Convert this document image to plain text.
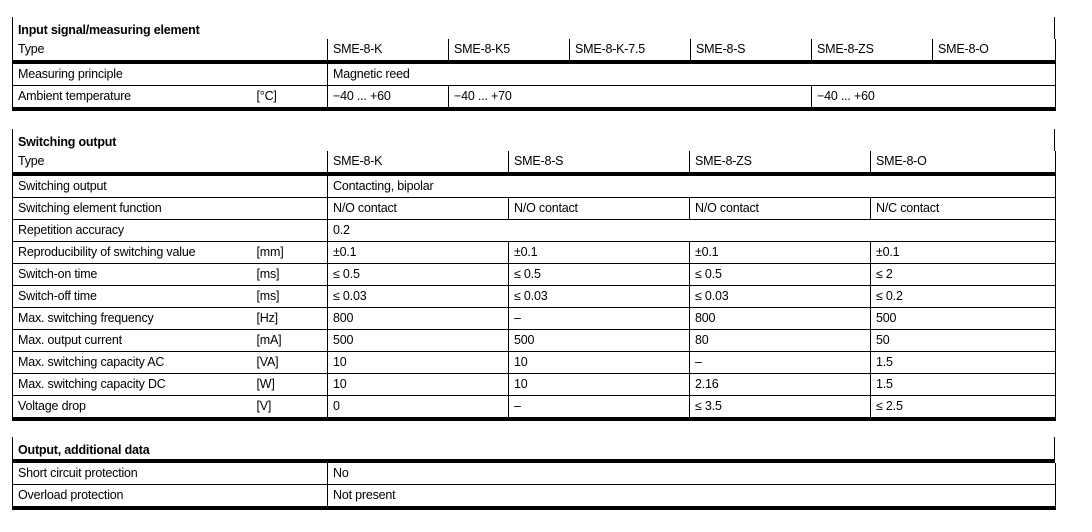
Input signal/measuring element
Type		SME-8-K	SME-8-K5	SME-8-K-7.5	SME-8-S	SME-8-ZS	SME-8-O
Measuring principle		Magnetic reed					
Ambient temperature	[°C]	−40 ... +60	−40 ... +70			−40 ... +60	
Switching output
Type		SME-8-K	SME-8-S	SME-8-ZS	SME-8-O
Switching output		Contacting, bipolar			
Switching element function		N/O contact	N/O contact	N/O contact	N/C contact
Repetition accuracy		0.2			
Reproducibility of switching value	[mm]	±0.1	±0.1	±0.1	±0.1
Switch-on time	[ms]	≤ 0.5	≤ 0.5	≤ 0.5	≤ 2
Switch-off time	[ms]	≤ 0.03	≤ 0.03	≤ 0.03	≤ 0.2
Max. switching frequency	[Hz]	800	–	800	500
Max. output current	[mA]	500	500	80	50
Max. switching capacity AC	[VA]	10	10	–	1.5
Max. switching capacity DC	[W]	10	10	2.16	1.5
Voltage drop	[V]	0	–	≤ 3.5	≤ 2.5
Output, additional data
Short circuit protection	No
Overload protection	Not present
